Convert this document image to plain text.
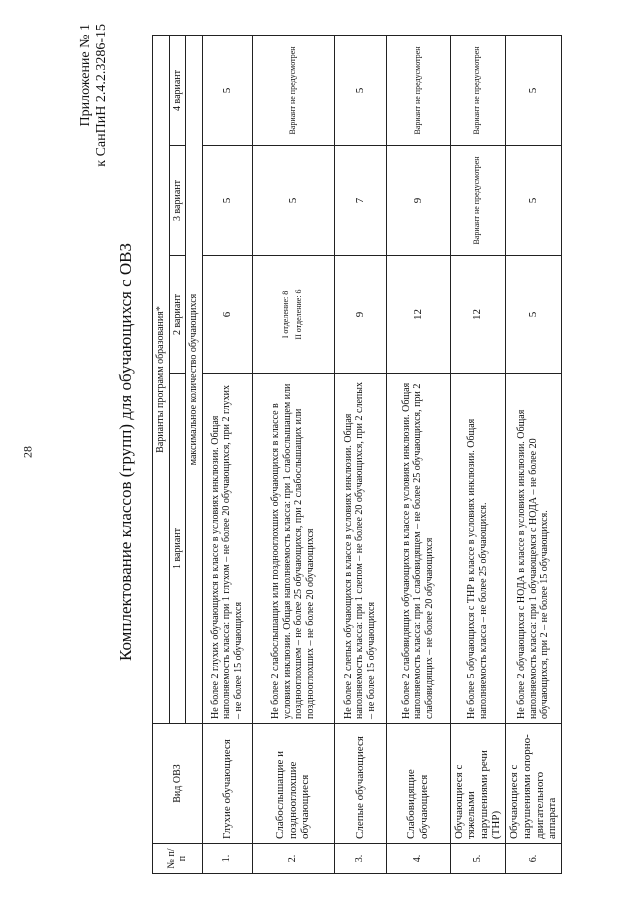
28
Приложение № 1 к СанПиН 2.4.2.3286-15
Комплектование классов (групп) для обучающихся с ОВЗ
№ п/п	Вид ОВЗ	Варианты программ образования*			
		1 вариант	2 вариант	3 вариант	4 вариант
		максимальное количество обучающихся			
1.	Глухие обучающиеся	Не более 2 глухих обучающихся в классе в условиях инклюзии. Общая наполняемость класса: при 1 глухом – не более 20 обучающихся, при 2 глухих – не более 15 обучающихся	6	5	5
2.	Слабослышащие и позднооглохшие обучающиеся	Не более 2 слабослышащих или позднооглохших обучающихся в классе в условиях инклюзии. Общая наполняемость класса: при 1 слабослышащем или позднооглохшем – не более 25 обучающихся, при 2 слабослышащих или позднооглохших – не более 20 обучающихся	I отделение: 8 II отделение: 6	5	Вариант не предусмотрен
3.	Слепые обучающиеся	Не более 2 слепых обучающихся в классе в условиях инклюзии. Общая наполняемость класса: при 1 слепом – не более 20 обучающихся, при 2 слепых – не более 15 обучающихся	9	7	5
4.	Слабовидящие обучающиеся	Не более 2 слабовидящих обучающихся в классе в условиях инклюзии. Общая наполняемость класса: при 1 слабовидящем – не более 25 обучающихся, при 2 слабовидящих – не более 20 обучающихся	12	9	Вариант не предусмотрен
5.	Обучающиеся с тяжелыми нарушениями речи (ТНР)	Не более 5 обучающихся с ТНР в классе в условиях инклюзии. Общая наполняемость класса – не более 25 обучающихся.	12	Вариант не предусмотрен	Вариант не предусмотрен
6.	Обучающиеся с нарушениями опорно-двигательного аппарата	Не более 2 обучающихся с НОДА в классе в условиях инклюзии. Общая наполняемость класса: при 1 обучающемся с НОДА – не более 20 обучающихся, при 2 – не более 15 обучающихся.	5	5	5
